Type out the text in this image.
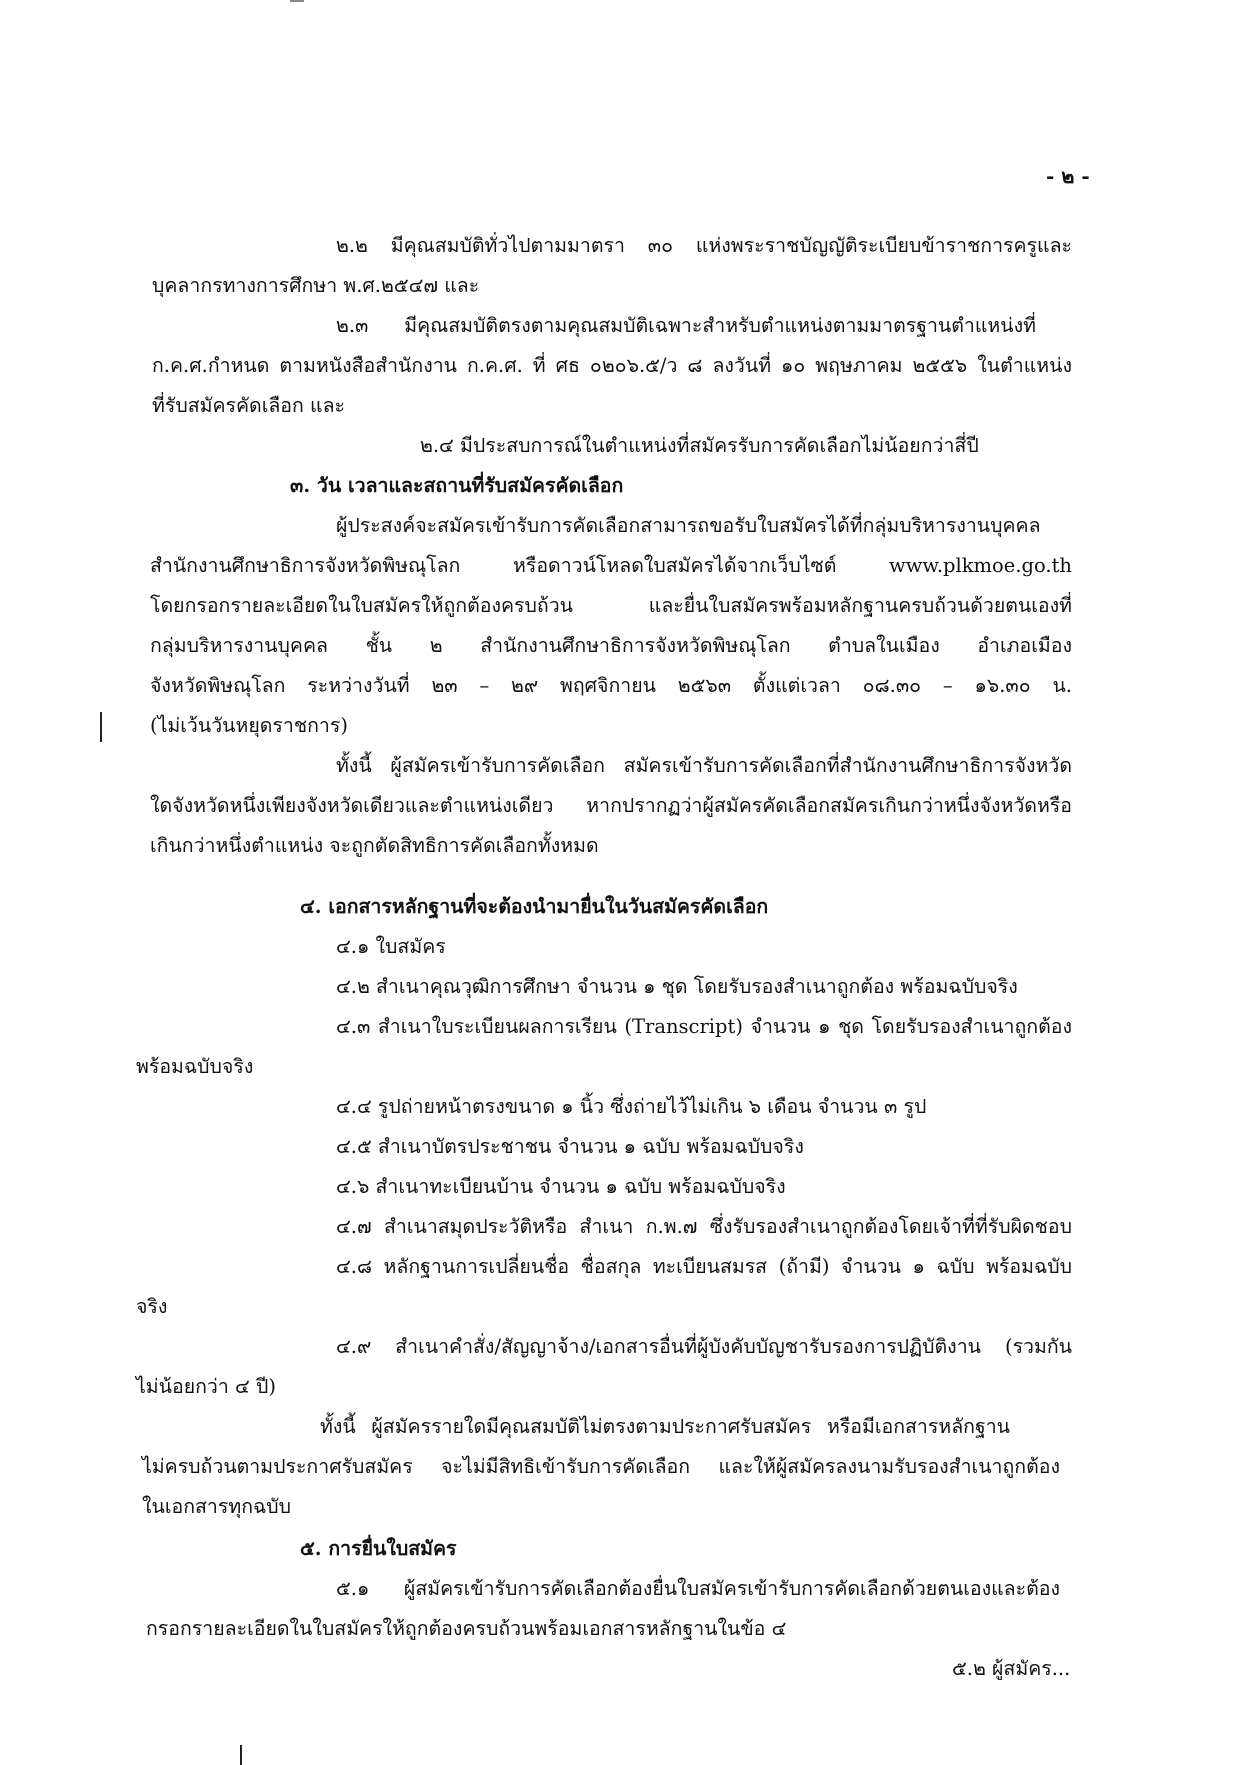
- ๒ -
๒.๒ มีคุณสมบัติทั่วไปตามมาตรา ๓๐ แห่งพระราชบัญญัติระเบียบข้าราชการครูและ
บุคลากรทางการศึกษา พ.ศ.๒๕๔๗ และ
๒.๓ มีคุณสมบัติตรงตามคุณสมบัติเฉพาะสำหรับตำแหน่งตามมาตรฐานตำแหน่งที่
ก.ค.ศ.กำหนด ตามหนังสือสำนักงาน ก.ค.ศ. ที่ ศธ ๐๒๐๖.๕/ว ๘ ลงวันที่ ๑๐ พฤษภาคม ๒๕๕๖ ในตำแหน่ง
ที่รับสมัครคัดเลือก และ
๒.๔ มีประสบการณ์ในตำแหน่งที่สมัครรับการคัดเลือกไม่น้อยกว่าสี่ปี
๓. วัน เวลาและสถานที่รับสมัครคัดเลือก
ผู้ประสงค์จะสมัครเข้ารับการคัดเลือกสามารถขอรับใบสมัครได้ที่กลุ่มบริหารงานบุคคล
สำนักงานศึกษาธิการจังหวัดพิษณุโลก หรือดาวน์โหลดใบสมัครได้จากเว็บไซต์ www.plkmoe.go.th
โดยกรอกรายละเอียดในใบสมัครให้ถูกต้องครบถ้วน และยื่นใบสมัครพร้อมหลักฐานครบถ้วนด้วยตนเองที่
กลุ่มบริหารงานบุคคล ชั้น ๒ สำนักงานศึกษาธิการจังหวัดพิษณุโลก ตำบลในเมือง อำเภอเมือง
จังหวัดพิษณุโลก ระหว่างวันที่ ๒๓ – ๒๙ พฤศจิกายน ๒๕๖๓ ตั้งแต่เวลา ๐๘.๓๐ – ๑๖.๓๐ น.
(ไม่เว้นวันหยุดราชการ)
ทั้งนี้ ผู้สมัครเข้ารับการคัดเลือก สมัครเข้ารับการคัดเลือกที่สำนักงานศึกษาธิการจังหวัด
ใดจังหวัดหนึ่งเพียงจังหวัดเดียวและตำแหน่งเดียว หากปรากฏว่าผู้สมัครคัดเลือกสมัครเกินกว่าหนึ่งจังหวัดหรือ
เกินกว่าหนึ่งตำแหน่ง จะถูกตัดสิทธิการคัดเลือกทั้งหมด
๔. เอกสารหลักฐานที่จะต้องนำมายื่นในวันสมัครคัดเลือก
๔.๑ ใบสมัคร
๔.๒ สำเนาคุณวุฒิการศึกษา จำนวน ๑ ชุด โดยรับรองสำเนาถูกต้อง พร้อมฉบับจริง
๔.๓ สำเนาใบระเบียนผลการเรียน (Transcript) จำนวน ๑ ชุด โดยรับรองสำเนาถูกต้อง
พร้อมฉบับจริง
๔.๔ รูปถ่ายหน้าตรงขนาด ๑ นิ้ว ซึ่งถ่ายไว้ไม่เกิน ๖ เดือน จำนวน ๓ รูป
๔.๕ สำเนาบัตรประชาชน จำนวน ๑ ฉบับ พร้อมฉบับจริง
๔.๖ สำเนาทะเบียนบ้าน จำนวน ๑ ฉบับ พร้อมฉบับจริง
๔.๗ สำเนาสมุดประวัติหรือ สำเนา ก.พ.๗ ซึ่งรับรองสำเนาถูกต้องโดยเจ้าที่ที่รับผิดชอบ
๔.๘ หลักฐานการเปลี่ยนชื่อ ชื่อสกุล ทะเบียนสมรส (ถ้ามี) จำนวน ๑ ฉบับ พร้อมฉบับ
จริง
๔.๙ สำเนาคำสั่ง/สัญญาจ้าง/เอกสารอื่นที่ผู้บังคับบัญชารับรองการปฏิบัติงาน (รวมกัน
ไม่น้อยกว่า ๔ ปี)
ทั้งนี้ ผู้สมัครรายใดมีคุณสมบัติไม่ตรงตามประกาศรับสมัคร หรือมีเอกสารหลักฐาน
ไม่ครบถ้วนตามประกาศรับสมัคร จะไม่มีสิทธิเข้ารับการคัดเลือก และให้ผู้สมัครลงนามรับรองสำเนาถูกต้อง
ในเอกสารทุกฉบับ
๕. การยื่นใบสมัคร
๕.๑ ผู้สมัครเข้ารับการคัดเลือกต้องยื่นใบสมัครเข้ารับการคัดเลือกด้วยตนเองและต้อง
กรอกรายละเอียดในใบสมัครให้ถูกต้องครบถ้วนพร้อมเอกสารหลักฐานในข้อ ๔
๕.๒ ผู้สมัคร...
